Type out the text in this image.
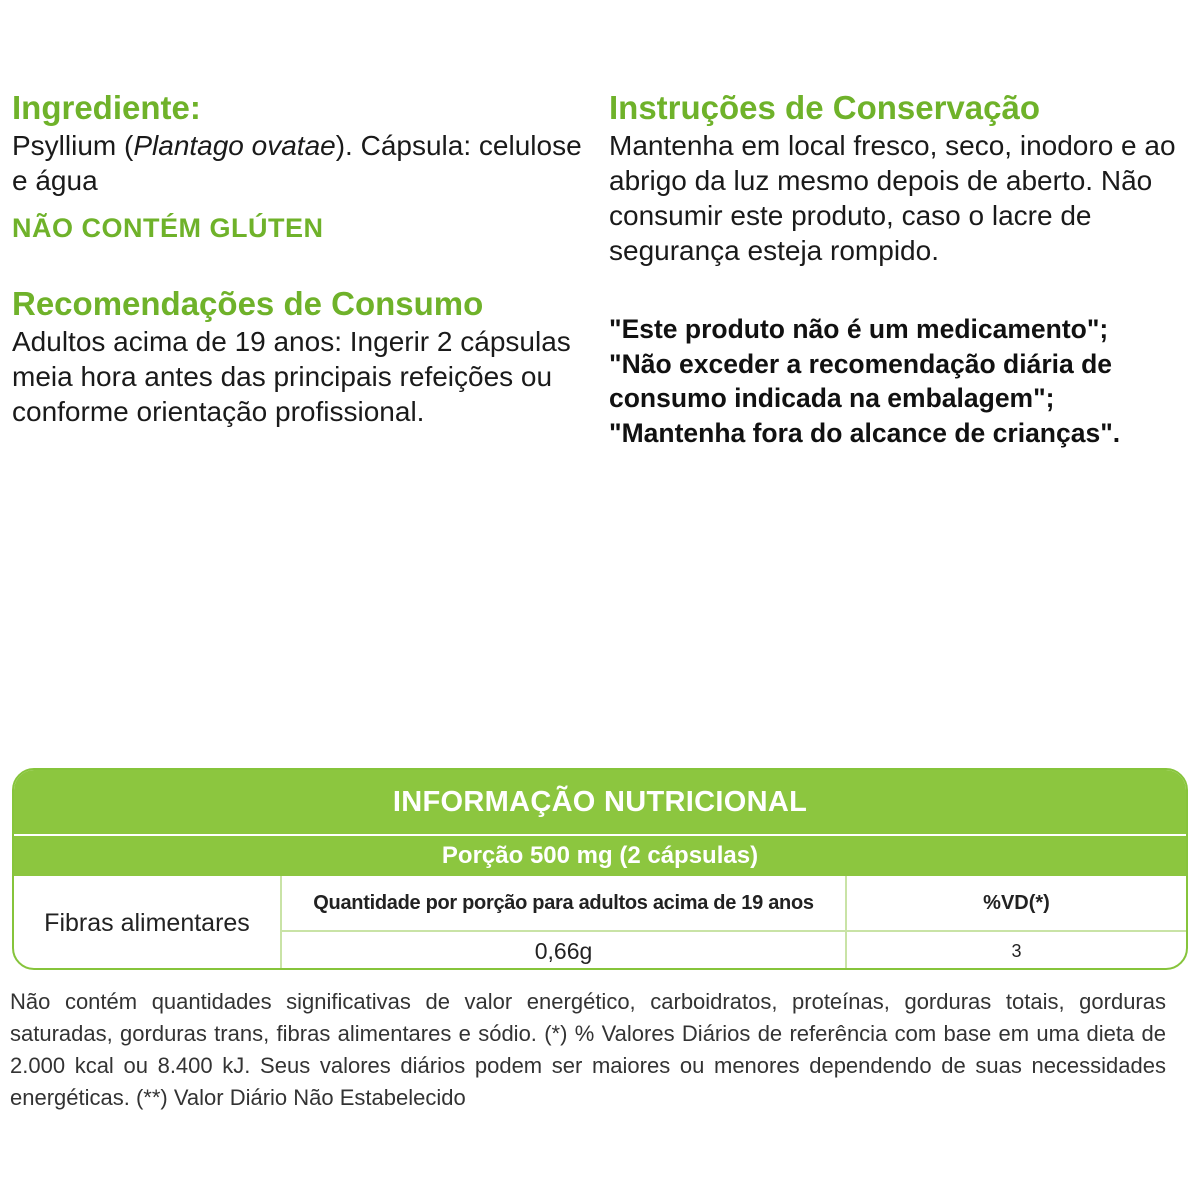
Ingrediente:

Psyllium (Plantago ovatae). Cápsula: celulose e água

NÃO CONTÉM GLÚTEN
Recomendações de Consumo

Adultos acima de 19 anos: Ingerir 2 cápsulas meia hora antes das principais refeições ou conforme orientação profissional.

Instruções de Conservação

Mantenha em local fresco, seco, inodoro e ao abrigo da luz mesmo depois de aberto. Não consumir este produto, caso o lacre de segurança esteja rompido.

"Este produto não é um medicamento";
"Não exceder a recomendação diária de
consumo indicada na embalagem";
"Mantenha fora do alcance de crianças".
INFORMAÇÃO NUTRICIONAL
Porção 500 mg (2 cápsulas)
Fibras alimentares
Quantidade por porção para adultos acima de 19 anos	%VD(*)
0,66g	3

Não contém quantidades significativas de valor energético, carboidratos, proteínas, gorduras totais, gorduras saturadas, gorduras trans, fibras alimentares e sódio. (*) % Valores Diários de referência com base em uma dieta de 2.000 kcal ou 8.400 kJ. Seus valores diários podem ser maiores ou menores dependendo de suas necessidades energéticas. (**) Valor Diário Não Estabelecido
